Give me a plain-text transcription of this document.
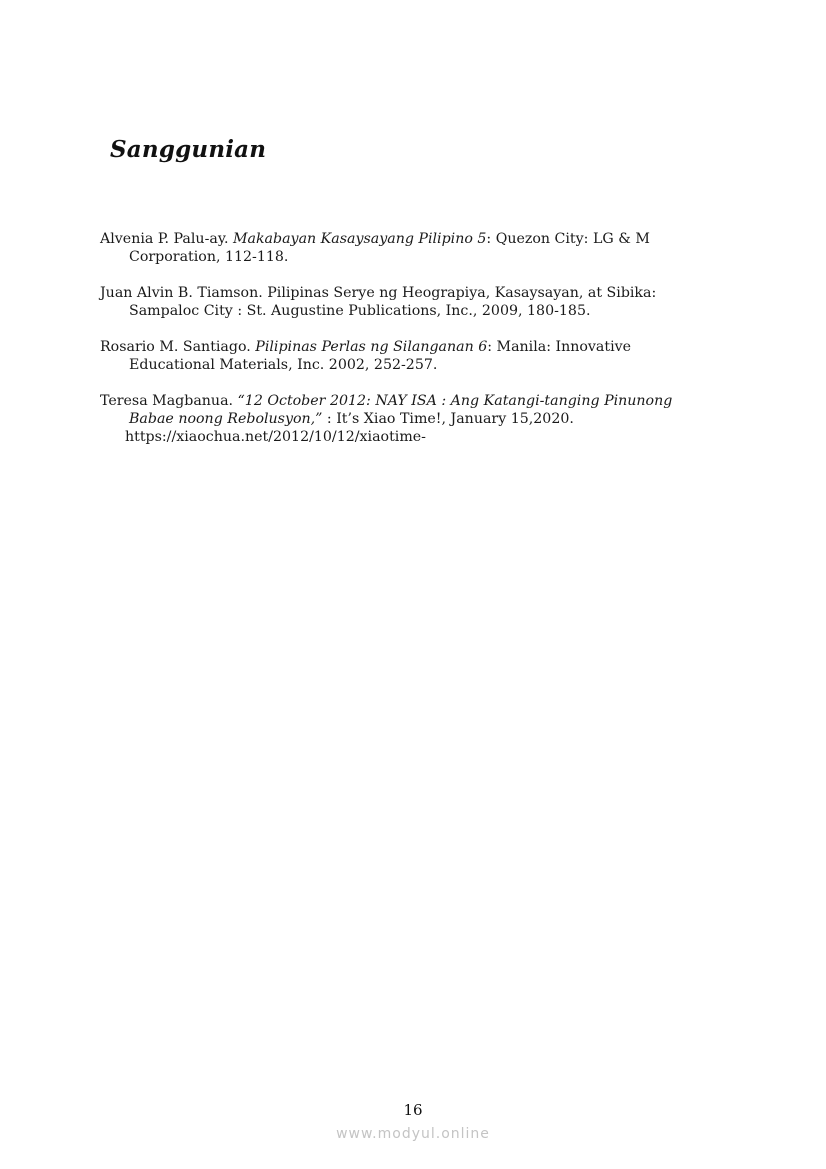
Sanggunian
Alvenia P. Palu-ay. Makabayan Kasaysayang Pilipino 5: Quezon City: LG & M
Corporation, 112-118.
Juan Alvin B. Tiamson. Pilipinas Serye ng Heograpiya, Kasaysayan, at Sibika:
Sampaloc City : St. Augustine Publications, Inc., 2009, 180-185.
Rosario M. Santiago. Pilipinas Perlas ng Silanganan 6: Manila: Innovative
Educational Materials, Inc. 2002, 252-257.
Teresa Magbanua. “12 October 2012: NAY ISA : Ang Katangi-tanging Pinunong
Babae noong Rebolusyon,” : It’s Xiao Time!, January 15,2020.
https://xiaochua.net/2012/10/12/xiaotime-
16
www.modyul.online
